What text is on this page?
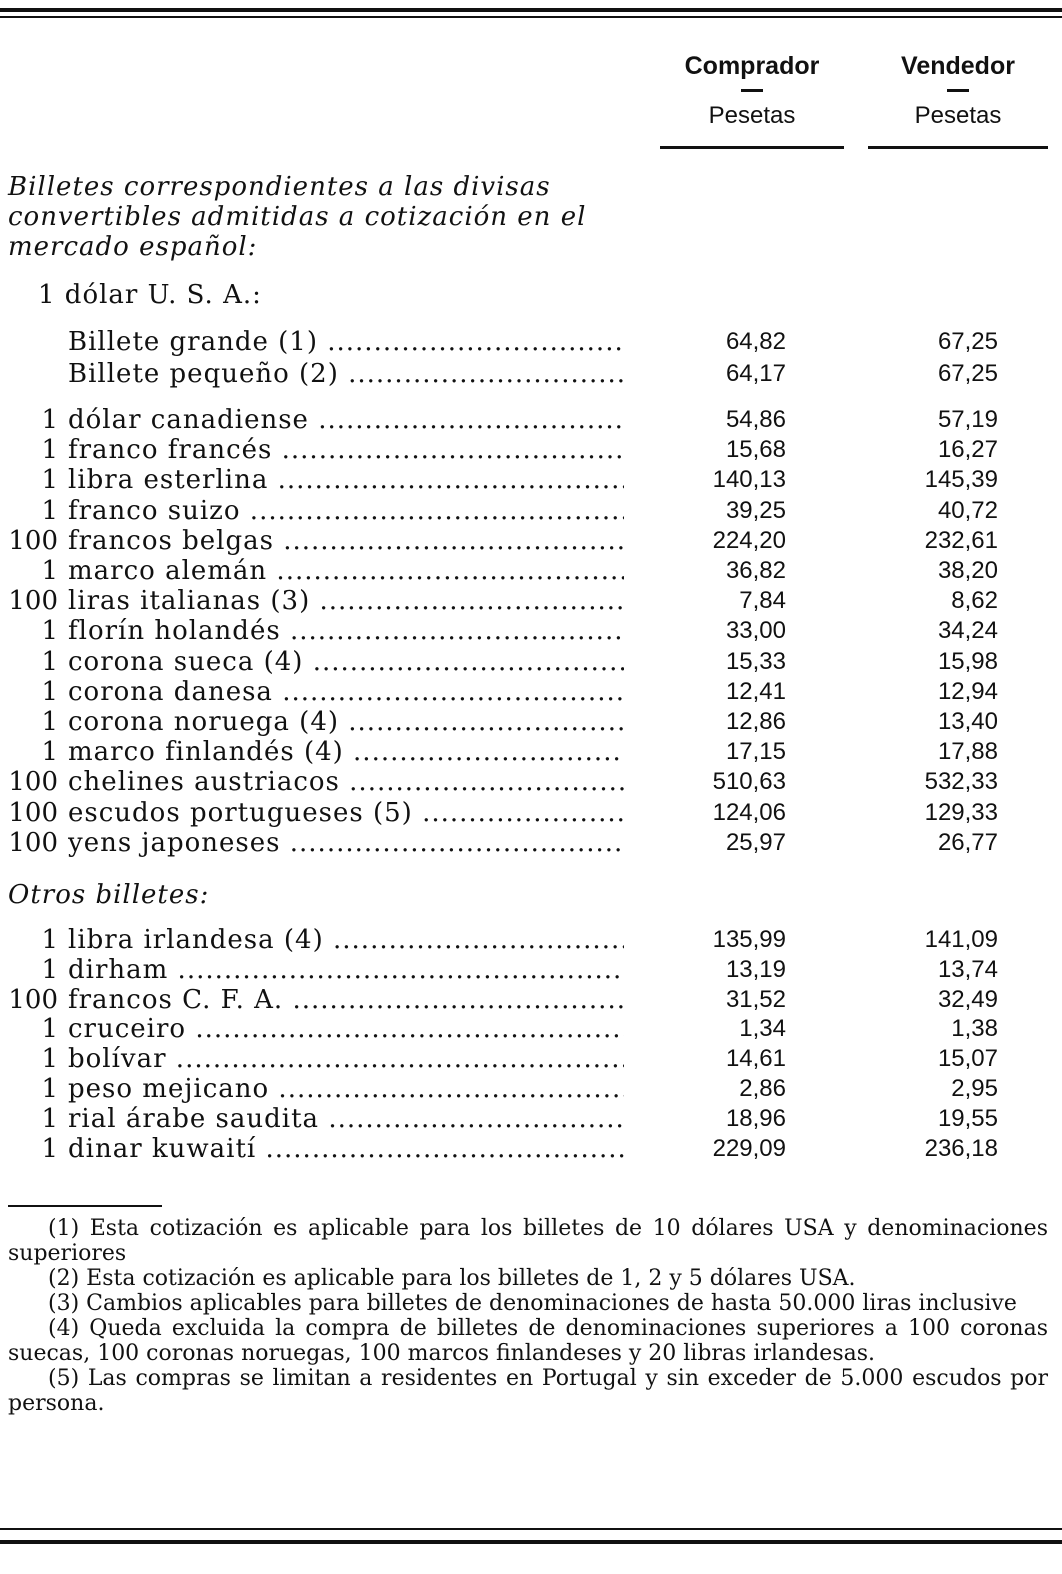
Comprador
Pesetas
Vendedor
Pesetas
Billetes correspondientes a las divisas convertibles admitidas a cotización en el mercado español:
1 dólar U. S. A.:
Billete grande (1) .....	64,82	67,25
Billete pequeño (2) .....	64,17	67,25
1 dólar canadiense .....	54,86	57,19
1 franco francés .....	15,68	16,27
1 libra esterlina .....	140,13	145,39
1 franco suizo .....	39,25	40,72
100 francos belgas .....	224,20	232,61
1 marco alemán .....	36,82	38,20
100 liras italianas (3) .....	7,84	8,62
1 florín holandés .....	33,00	34,24
1 corona sueca (4) .....	15,33	15,98
1 corona danesa .....	12,41	12,94
1 corona noruega (4) .....	12,86	13,40
1 marco finlandés (4) .....	17,15	17,88
100 chelines austriacos .....	510,63	532,33
100 escudos portugueses (5) .....	124,06	129,33
100 yens japoneses .....	25,97	26,77
Otros billetes:
1 libra irlandesa (4) .....	135,99	141,09
1 dirham .....	13,19	13,74
100 francos C. F. A. .....	31,52	32,49
1 cruceiro .....	1,34	1,38
1 bolívar .....	14,61	15,07
1 peso mejicano .....	2,86	2,95
1 rial árabe saudita .....	18,96	19,55
1 dinar kuwaití .....	229,09	236,18

(1) Esta cotización es aplicable para los billetes de 10 dólares USA y denominaciones superiores

(2) Esta cotización es aplicable para los billetes de 1, 2 y 5 dólares USA.

(3) Cambios aplicables para billetes de denominaciones de hasta 50.000 liras inclusive

(4) Queda excluida la compra de billetes de denominaciones superiores a 100 coronas suecas, 100 coronas noruegas, 100 marcos finlandeses y 20 libras irlandesas.

(5) Las compras se limitan a residentes en Portugal y sin exceder de 5.000 escudos por persona.
